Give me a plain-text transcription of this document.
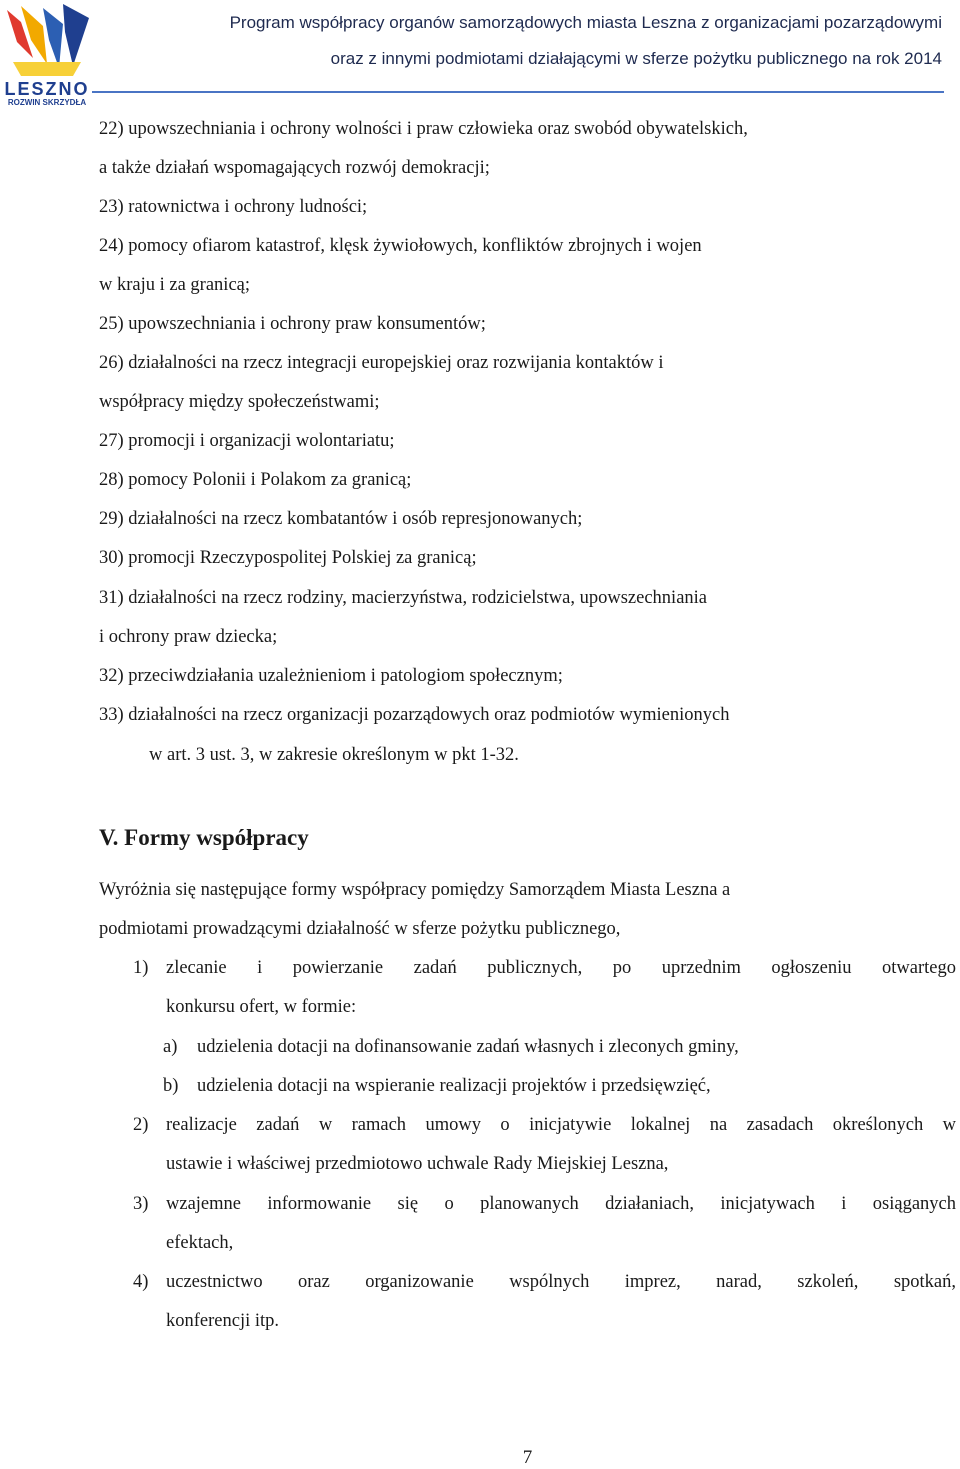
LESZNO
ROZWIN SKRZYDŁA
Program współpracy organów samorządowych miasta Leszna z organizacjami pozarządowymi
oraz z innymi podmiotami działającymi w sferze pożytku publicznego na rok 2014
22) upowszechniania i ochrony wolności i praw człowieka oraz swobód obywatelskich,
a także działań wspomagających rozwój demokracji;
23) ratownictwa i ochrony ludności;
24) pomocy ofiarom katastrof, klęsk żywiołowych, konfliktów zbrojnych i wojen
w kraju i za granicą;
25) upowszechniania i ochrony praw konsumentów;
26) działalności na rzecz integracji europejskiej oraz rozwijania kontaktów i
współpracy między społeczeństwami;
27) promocji i organizacji wolontariatu;
28) pomocy Polonii i Polakom za granicą;
29) działalności na rzecz kombatantów i osób represjonowanych;
30) promocji Rzeczypospolitej Polskiej za granicą;
31) działalności na rzecz rodziny, macierzyństwa, rodzicielstwa, upowszechniania
i ochrony praw dziecka;
32) przeciwdziałania uzależnieniom i patologiom społecznym;
33) działalności na rzecz organizacji pozarządowych oraz podmiotów wymienionych
w art. 3 ust. 3, w zakresie określonym w pkt 1-32.
V. Formy współpracy
Wyróżnia się następujące formy współpracy pomiędzy Samorządem Miasta Leszna a
podmiotami prowadzącymi działalność w sferze pożytku publicznego,
1) zlecanie i powierzanie zadań publicznych, po uprzednim ogłoszeniu otwartego
konkursu ofert, w formie:
a) udzielenia dotacji na dofinansowanie zadań własnych i zleconych gminy,
b) udzielenia dotacji na wspieranie realizacji projektów i przedsięwzięć,
2) realizacje zadań w ramach umowy o inicjatywie lokalnej na zasadach określonych w
ustawie i właściwej przedmiotowo uchwale Rady Miejskiej Leszna,
3) wzajemne informowanie się o planowanych działaniach, inicjatywach i osiąganych
efektach,
4) uczestnictwo oraz organizowanie wspólnych imprez, narad, szkoleń, spotkań,
konferencji itp.
7
